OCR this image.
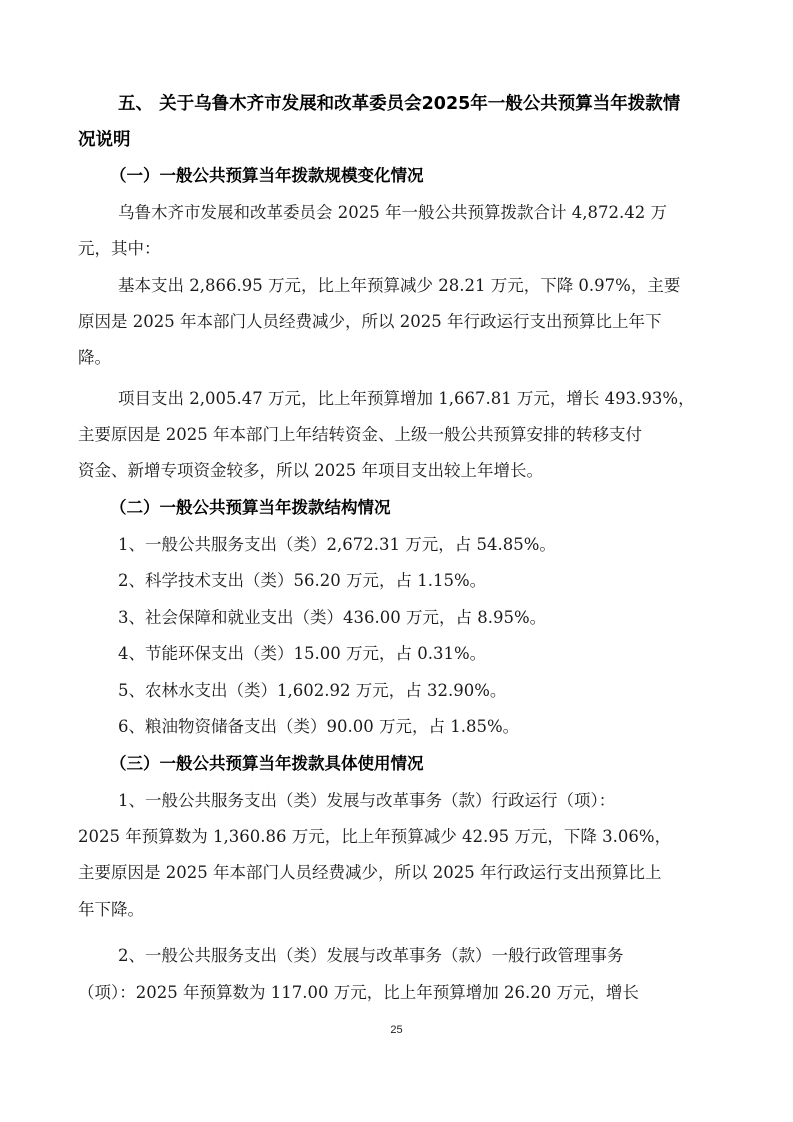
五、 关于乌鲁木齐市发展和改革委员会2025年一般公共预算当年拨款情
况说明
（一）一般公共预算当年拨款规模变化情况
乌鲁木齐市发展和改革委员会 2025 年一般公共预算拨款合计 4,872.42 万
元，其中：
基本支出 2,866.95 万元，比上年预算减少 28.21 万元，下降 0.97%，主要
原因是 2025 年本部门人员经费减少，所以 2025 年行政运行支出预算比上年下
降。
项目支出 2,005.47 万元，比上年预算增加 1,667.81 万元，增长 493.93%，
主要原因是 2025 年本部门上年结转资金、上级一般公共预算安排的转移支付
资金、新增专项资金较多，所以 2025 年项目支出较上年增长。
（二）一般公共预算当年拨款结构情况
1、一般公共服务支出（类）2,672.31 万元，占 54.85%。
2、科学技术支出（类）56.20 万元，占 1.15%。
3、社会保障和就业支出（类）436.00 万元，占 8.95%。
4、节能环保支出（类）15.00 万元，占 0.31%。
5、农林水支出（类）1,602.92 万元，占 32.90%。
6、粮油物资储备支出（类）90.00 万元，占 1.85%。
（三）一般公共预算当年拨款具体使用情况
1、一般公共服务支出（类）发展与改革事务（款）行政运行（项）：
2025 年预算数为 1,360.86 万元，比上年预算减少 42.95 万元，下降 3.06%，
主要原因是 2025 年本部门人员经费减少，所以 2025 年行政运行支出预算比上
年下降。
2、一般公共服务支出（类）发展与改革事务（款）一般行政管理事务
（项）：2025 年预算数为 117.00 万元，比上年预算增加 26.20 万元，增长
25
